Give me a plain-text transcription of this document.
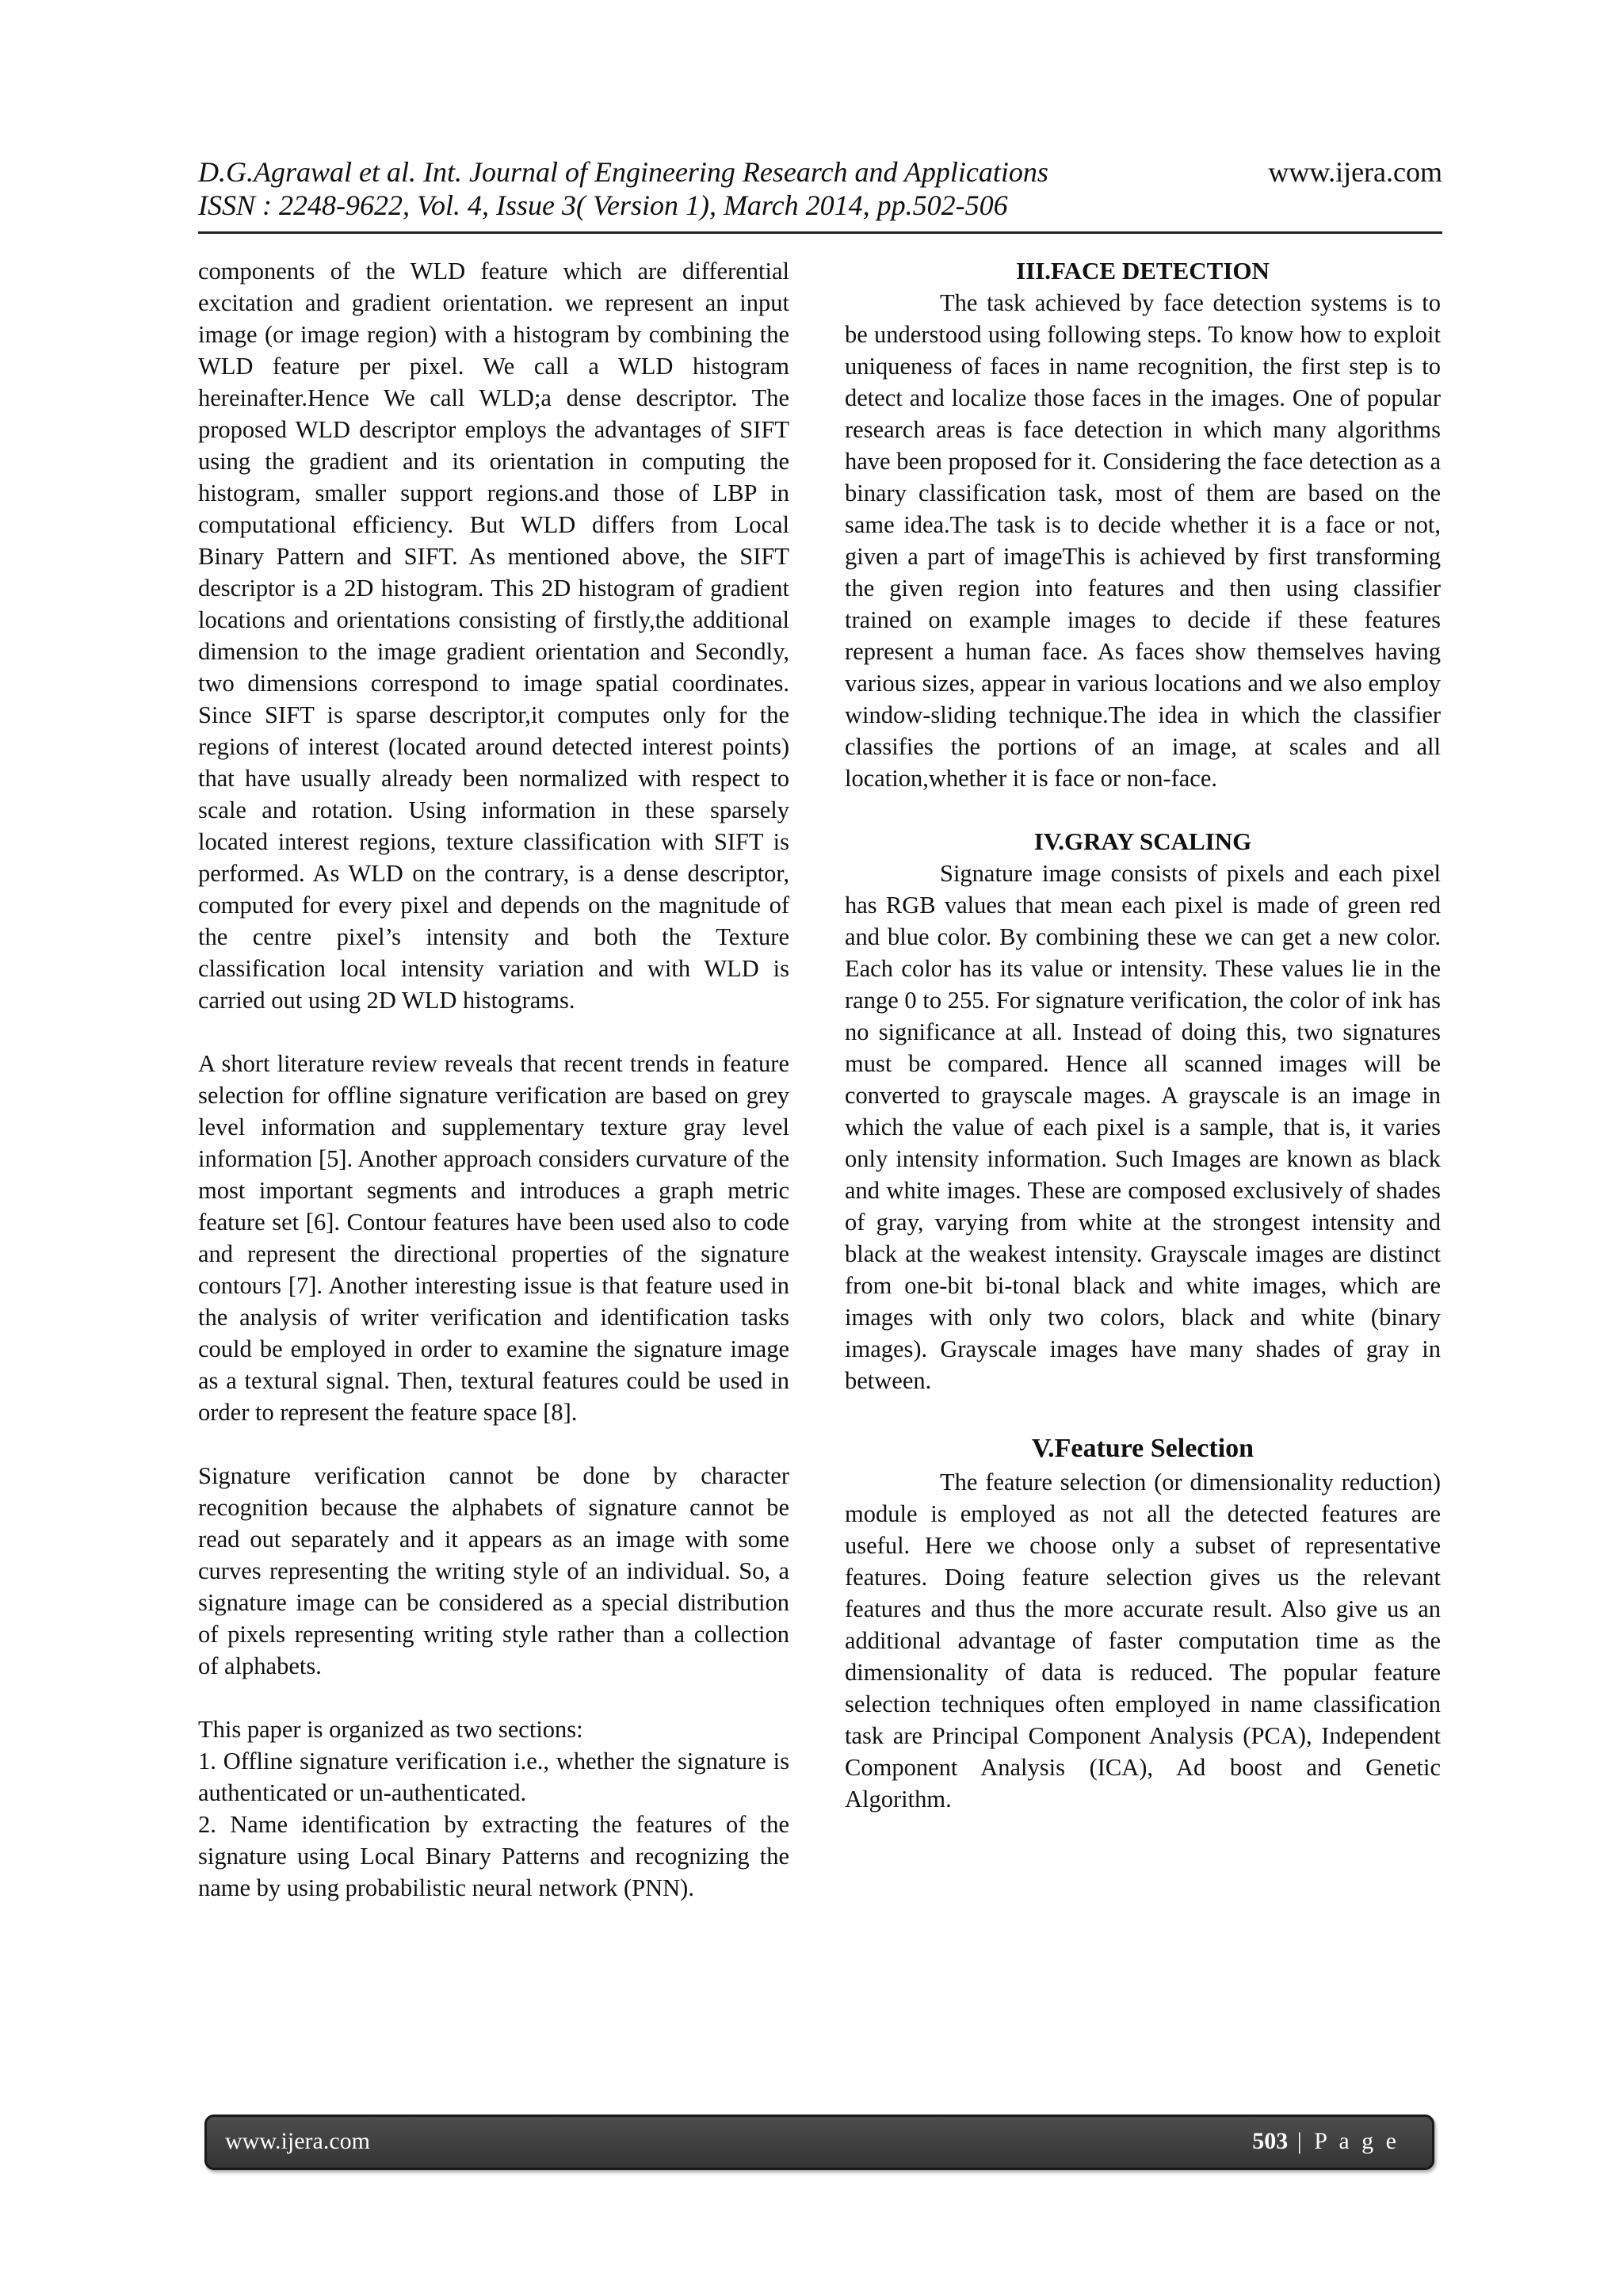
D.G.Agrawal et al. Int. Journal of Engineering Research and Applications
ISSN : 2248-9622, Vol. 4, Issue 3( Version 1), March 2014, pp.502-506
www.ijera.com

components of the WLD feature which are differential excitation and gradient orientation. we represent an input image (or image region) with a histogram by combining the WLD feature per pixel. We call a WLD histogram hereinafter.Hence We call WLD;a dense descriptor. The proposed WLD descriptor employs the advantages of SIFT using the gradient and its orientation in computing the histogram, smaller support regions.and those of LBP in computational efficiency. But WLD differs from Local Binary Pattern and SIFT. As mentioned above, the SIFT descriptor is a 2D histogram. This 2D histogram of gradient locations and orientations consisting of firstly,the additional dimension to the image gradient orientation and Secondly, two dimensions correspond to image spatial coordinates. Since SIFT is sparse descriptor,it computes only for the regions of interest (located around detected interest points) that have usually already been normalized with respect to scale and rotation. Using information in these sparsely located interest regions, texture classification with SIFT is performed. As WLD on the contrary, is a dense descriptor, computed for every pixel and depends on the magnitude of the centre pixel’s intensity and both the Texture classification local intensity variation and with WLD is carried out using 2D WLD histograms.

A short literature review reveals that recent trends in feature selection for offline signature verification are based on grey level information and supplementary texture gray level information [5]. Another approach considers curvature of the most important segments and introduces a graph metric feature set [6]. Contour features have been used also to code and represent the directional properties of the signature contours [7]. Another interesting issue is that feature used in the analysis of writer verification and identification tasks could be employed in order to examine the signature image as a textural signal. Then, textural features could be used in order to represent the feature space [8].

Signature verification cannot be done by character recognition because the alphabets of signature cannot be read out separately and it appears as an image with some curves representing the writing style of an individual. So, a signature image can be considered as a special distribution of pixels representing writing style rather than a collection of alphabets.

This paper is organized as two sections:

1. Offline signature verification i.e., whether the signature is authenticated or un-authenticated.

2. Name identification by extracting the features of the signature using Local Binary Patterns and recognizing the name by using probabilistic neural network (PNN).

III.FACE DETECTION

The task achieved by face detection systems is to be understood using following steps. To know how to exploit uniqueness of faces in name recognition, the first step is to detect and localize those faces in the images. One of popular research areas is face detection in which many algorithms have been proposed for it. Considering the face detection as a binary classification task, most of them are based on the same idea.The task is to decide whether it is a face or not, given a part of imageThis is achieved by first transforming the given region into features and then using classifier trained on example images to decide if these features represent a human face. As faces show themselves having various sizes, appear in various locations and we also employ window-sliding technique.The idea in which the classifier classifies the portions of an image, at scales and all location,whether it is face or non-face.

IV.GRAY SCALING

Signature image consists of pixels and each pixel has RGB values that mean each pixel is made of green red and blue color. By combining these we can get a new color. Each color has its value or intensity. These values lie in the range 0 to 255. For signature verification, the color of ink has no significance at all. Instead of doing this, two signatures must be compared. Hence all scanned images will be converted to grayscale mages. A grayscale is an image in which the value of each pixel is a sample, that is, it varies only intensity information. Such Images are known as black and white images. These are composed exclusively of shades of gray, varying from white at the strongest intensity and black at the weakest intensity. Grayscale images are distinct from one-bit bi-tonal black and white images, which are images with only two colors, black and white (binary images). Grayscale images have many shades of gray in between.

V.Feature Selection

The feature selection (or dimensionality reduction) module is employed as not all the detected features are useful. Here we choose only a subset of representative features. Doing feature selection gives us the relevant features and thus the more accurate result. Also give us an additional advantage of faster computation time as the dimensionality of data is reduced. The popular feature selection techniques often employed in name classification task are Principal Component Analysis (PCA), Independent Component Analysis (ICA), Ad boost and Genetic Algorithm.

www.ijera.com	503 | P a g e
